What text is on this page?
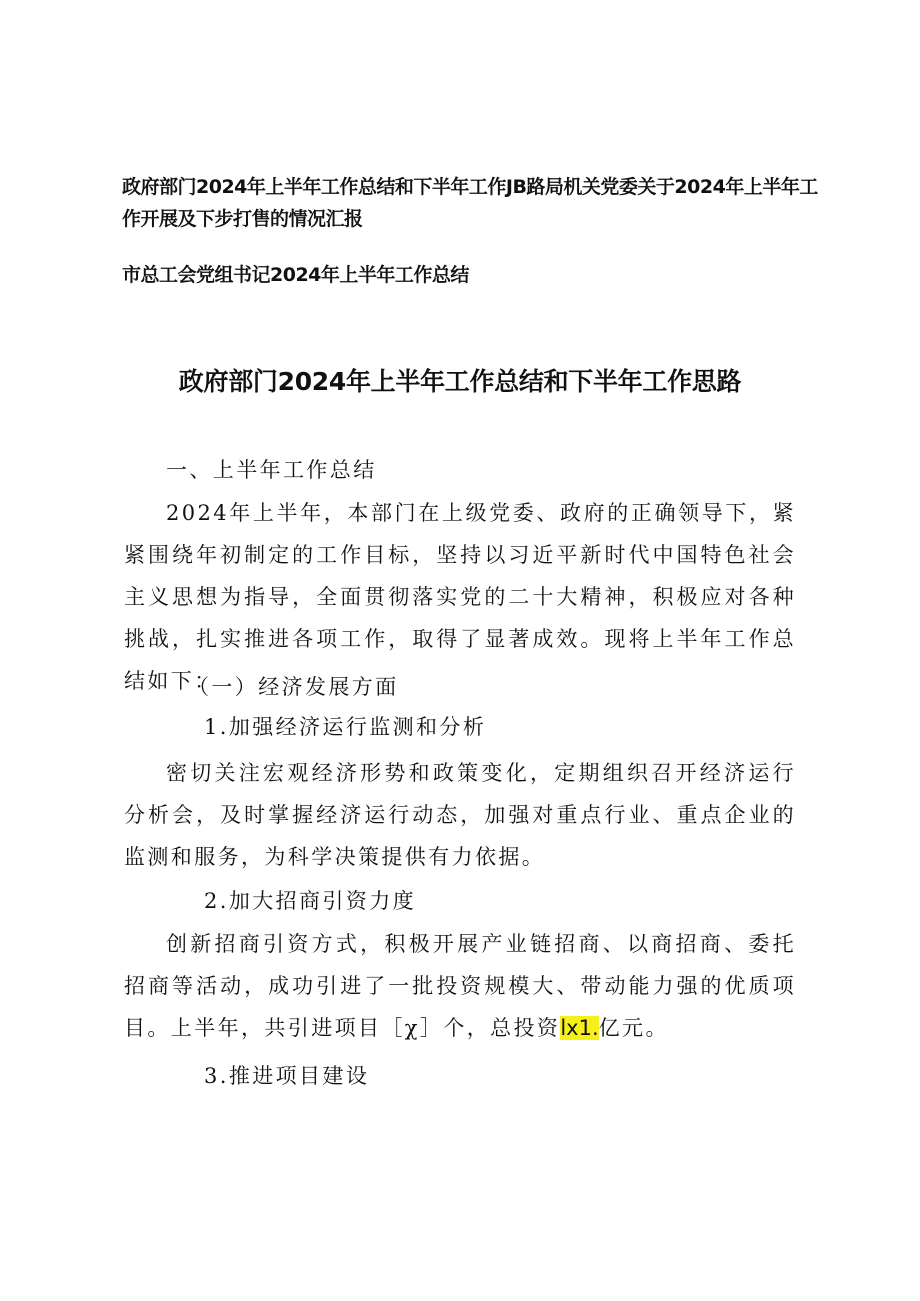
政府部门2024年上半年工作总结和下半年工作JB路局机关党委关于2024年上半年工作开展及下步打售的情况汇报
市总工会党组书记2024年上半年工作总结
政府部门2024年上半年工作总结和下半年工作思路
一、上半年工作总结
2024年上半年，本部门在上级党委、政府的正确领导下，紧紧围绕年初制定的工作目标，坚持以习近平新时代中国特色社会主义思想为指导，全面贯彻落实党的二十大精神，积极应对各种挑战，扎实推进各项工作，取得了显著成效。现将上半年工作总结如下：
（一）经济发展方面
1.加强经济运行监测和分析
密切关注宏观经济形势和政策变化，定期组织召开经济运行分析会，及时掌握经济运行动态，加强对重点行业、重点企业的监测和服务，为科学决策提供有力依据。
2.加大招商引资力度
创新招商引资方式，积极开展产业链招商、以商招商、委托招商等活动，成功引进了一批投资规模大、带动能力强的优质项目。上半年，共引进项目［χ］个，总投资lx1.亿元。
3.推进项目建设
